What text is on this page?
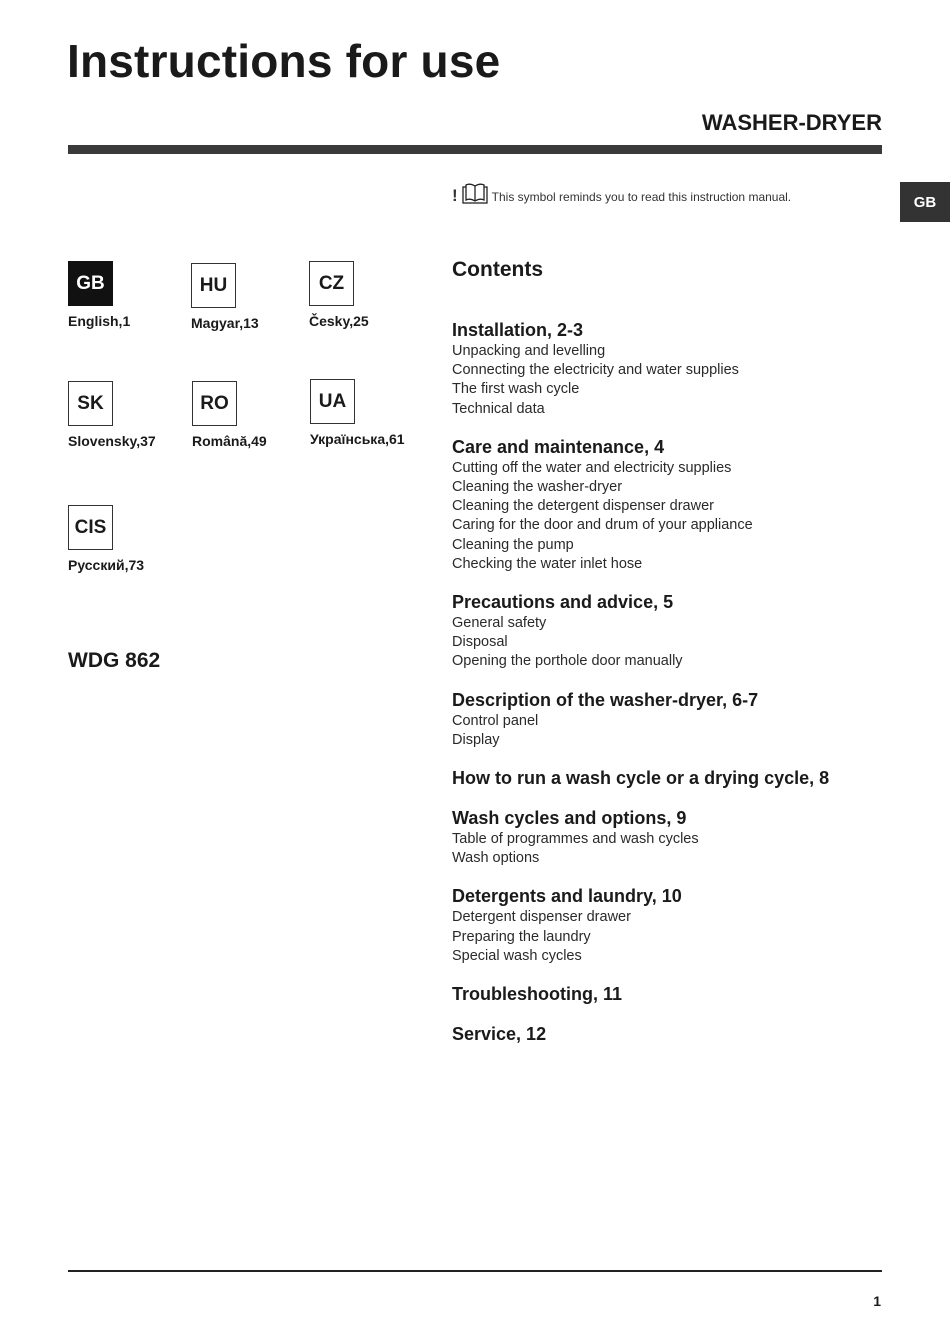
Instructions for use
WASHER-DRYER
GB
!	This symbol reminds you to read this instruction manual.
GB
English,1
HU
Magyar,13
CZ
Česky,25
SK
Slovensky,37
RO
Română,49
UA
Українська,61
CIS
Русский,73
WDG 862
Contents
Installation, 2-3
Unpacking and levelling
Connecting the electricity and water supplies
The first wash cycle
Technical data
Care and maintenance, 4
Cutting off the water and electricity supplies
Cleaning the washer-dryer
Cleaning the detergent dispenser drawer
Caring for the door and drum of your appliance
Cleaning the pump
Checking the water inlet hose
Precautions and advice, 5
General safety
Disposal
Opening the porthole door manually
Description of the washer-dryer, 6-7
Control panel
Display
How to run a wash cycle or a drying cycle, 8
Wash cycles and options, 9
Table of programmes and wash cycles
Wash options
Detergents and laundry, 10
Detergent dispenser drawer
Preparing the laundry
Special wash cycles
Troubleshooting, 11
Service, 12
1
